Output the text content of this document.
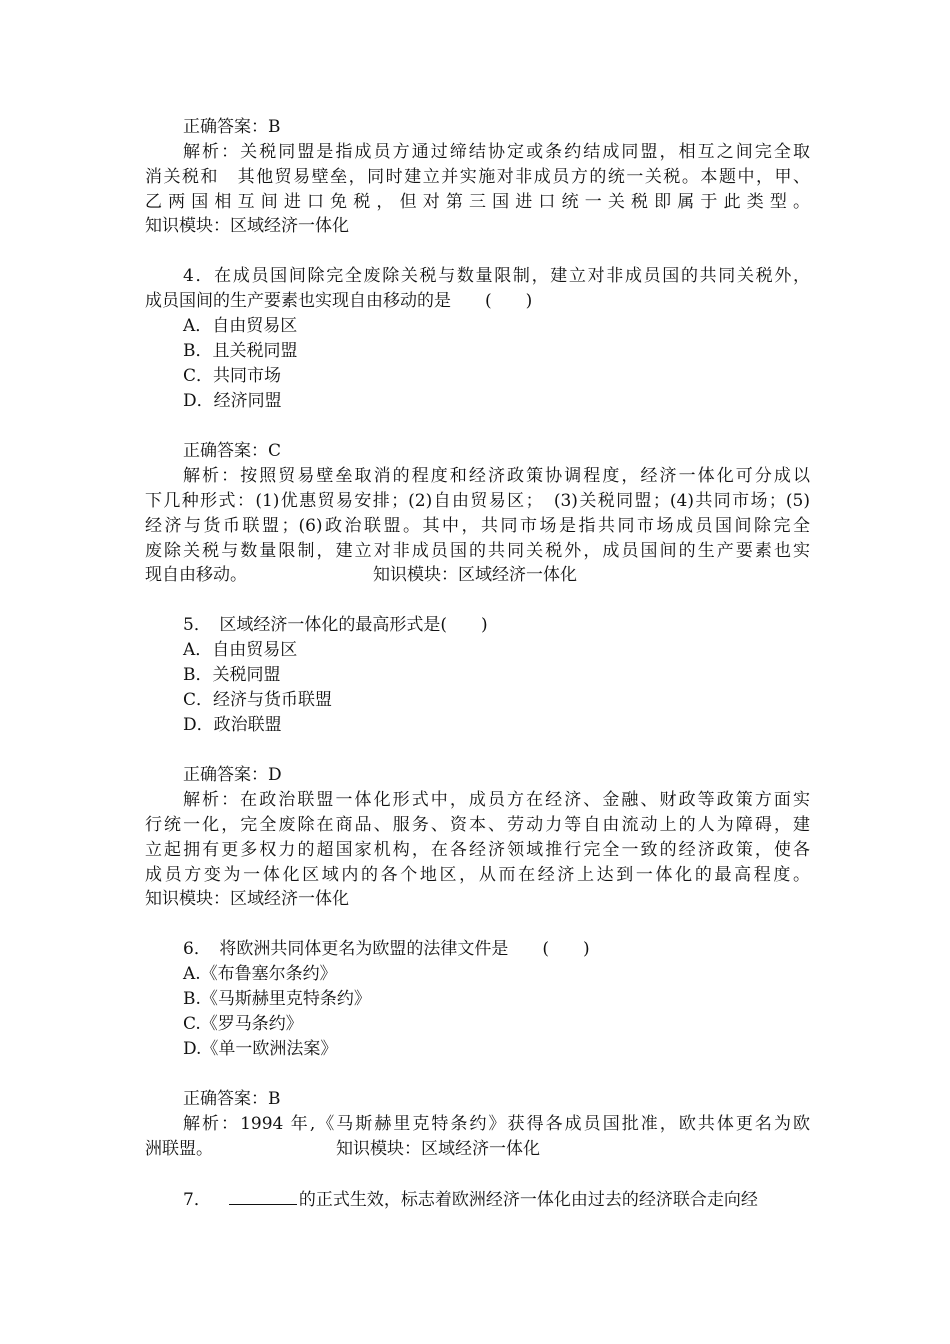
正确答案：B
解析：关税同盟是指成员方通过缔结协定或条约结成同盟，相互之间完全取
消关税和　其他贸易壁垒，同时建立并实施对非成员方的统一关税。本题中，甲、
乙两国相互间进口免税，但对第三国进口统一关税即属于此类型。
知识模块：区域经济一体化
4．在成员国间除完全废除关税与数量限制，建立对非成员国的共同关税外，
成员国间的生产要素也实现自由移动的是　　(　　)
A．自由贸易区
B．且关税同盟
C．共同市场
D．经济同盟
正确答案：C
解析：按照贸易壁垒取消的程度和经济政策协调程度，经济一体化可分成以
下几种形式：(1)优惠贸易安排；(2)自由贸易区；　(3)关税同盟；(4)共同市场；(5)
经济与货币联盟；(6)政治联盟。其中，共同市场是指共同市场成员国间除完全
废除关税与数量限制，建立对非成员国的共同关税外，成员国间的生产要素也实
现自由移动。	知识模块：区域经济一体化
5．　区域经济一体化的最高形式是(　　)
A．自由贸易区
B．关税同盟
C．经济与货币联盟
D．政治联盟
正确答案：D
解析：在政治联盟一体化形式中，成员方在经济、金融、财政等政策方面实
行统一化，完全废除在商品、服务、资本、劳动力等自由流动上的人为障碍，建
立起拥有更多权力的超国家机构，在各经济领域推行完全一致的经济政策，使各
成员方变为一体化区域内的各个地区，从而在经济上达到一体化的最高程度。
知识模块：区域经济一体化
6．　将欧洲共同体更名为欧盟的法律文件是　　(　　)
A.《布鲁塞尔条约》
B.《马斯赫里克特条约》
C.《罗马条约》
D.《单一欧洲法案》
正确答案：B
解析：1994 年,《马斯赫里克特条约》获得各成员国批准，欧共体更名为欧
洲联盟。	知识模块：区域经济一体化
7．	的正式生效，标志着欧洲经济一体化由过去的经济联合走向经
